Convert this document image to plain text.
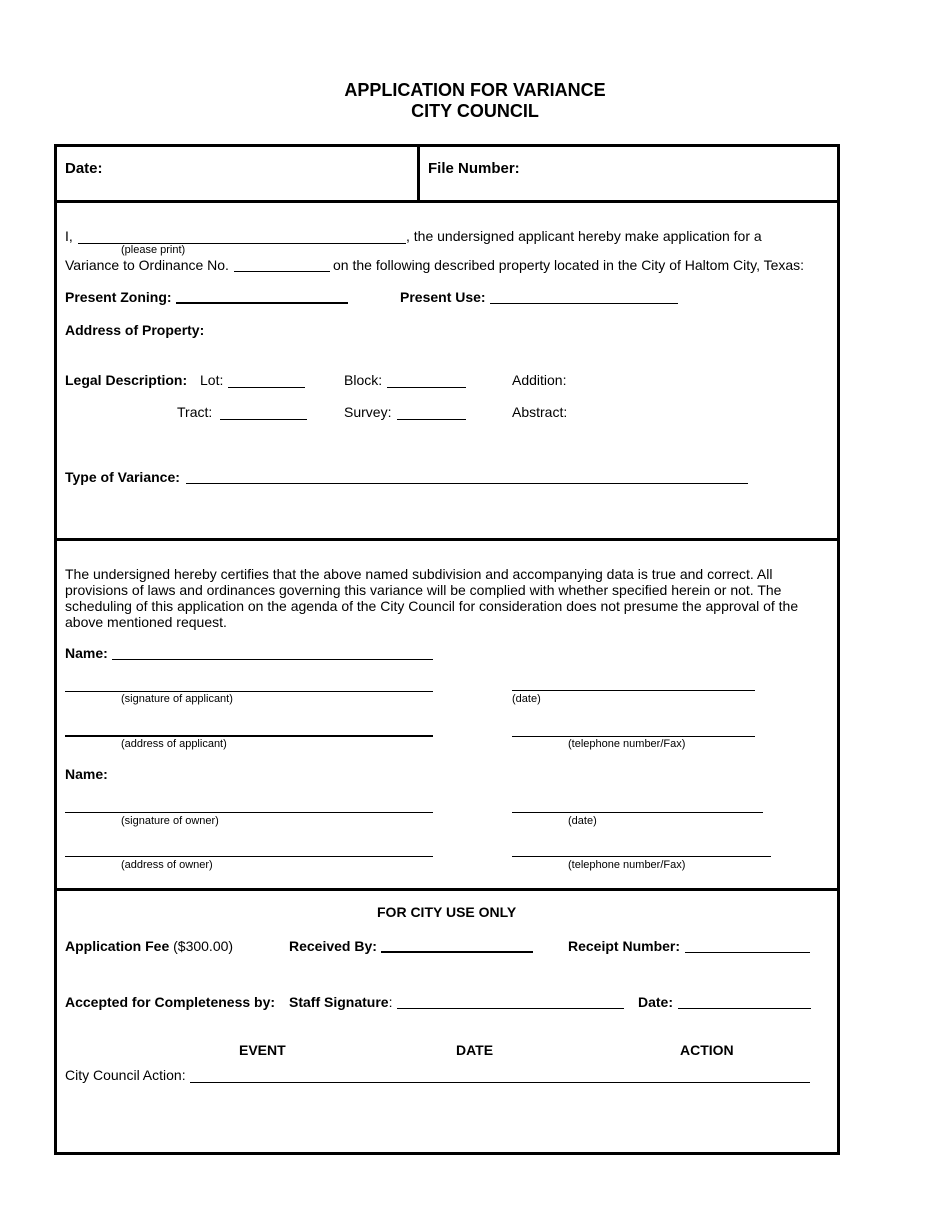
APPLICATION FOR VARIANCE
CITY COUNCIL
Date:	File Number:
I,	, the undersigned applicant hereby make application for a
(please print)
Variance to Ordinance No.	on the following described property located in the City of Haltom City, Texas:
Present Zoning:	Present Use:
Address of Property:
Legal Description: Lot:	Block:	Addition:
Tract:	Survey:	Abstract:
Type of Variance:
The undersigned hereby certifies that the above named subdivision and accompanying data is true and correct. All provisions of laws and ordinances governing this variance will be complied with whether specified herein or not. The scheduling of this application on the agenda of the City Council for consideration does not presume the approval of the above mentioned request.
Name:
(signature of applicant)	(date)
(address of applicant)	(telephone number/Fax)
Name:
(signature of owner)	(date)
(address of owner)	(telephone number/Fax)
FOR CITY USE ONLY
Application Fee ($300.00)	Received By:	Receipt Number:
Accepted for Completeness by: Staff Signature:	Date:
EVENT	DATE	ACTION
City Council Action:
